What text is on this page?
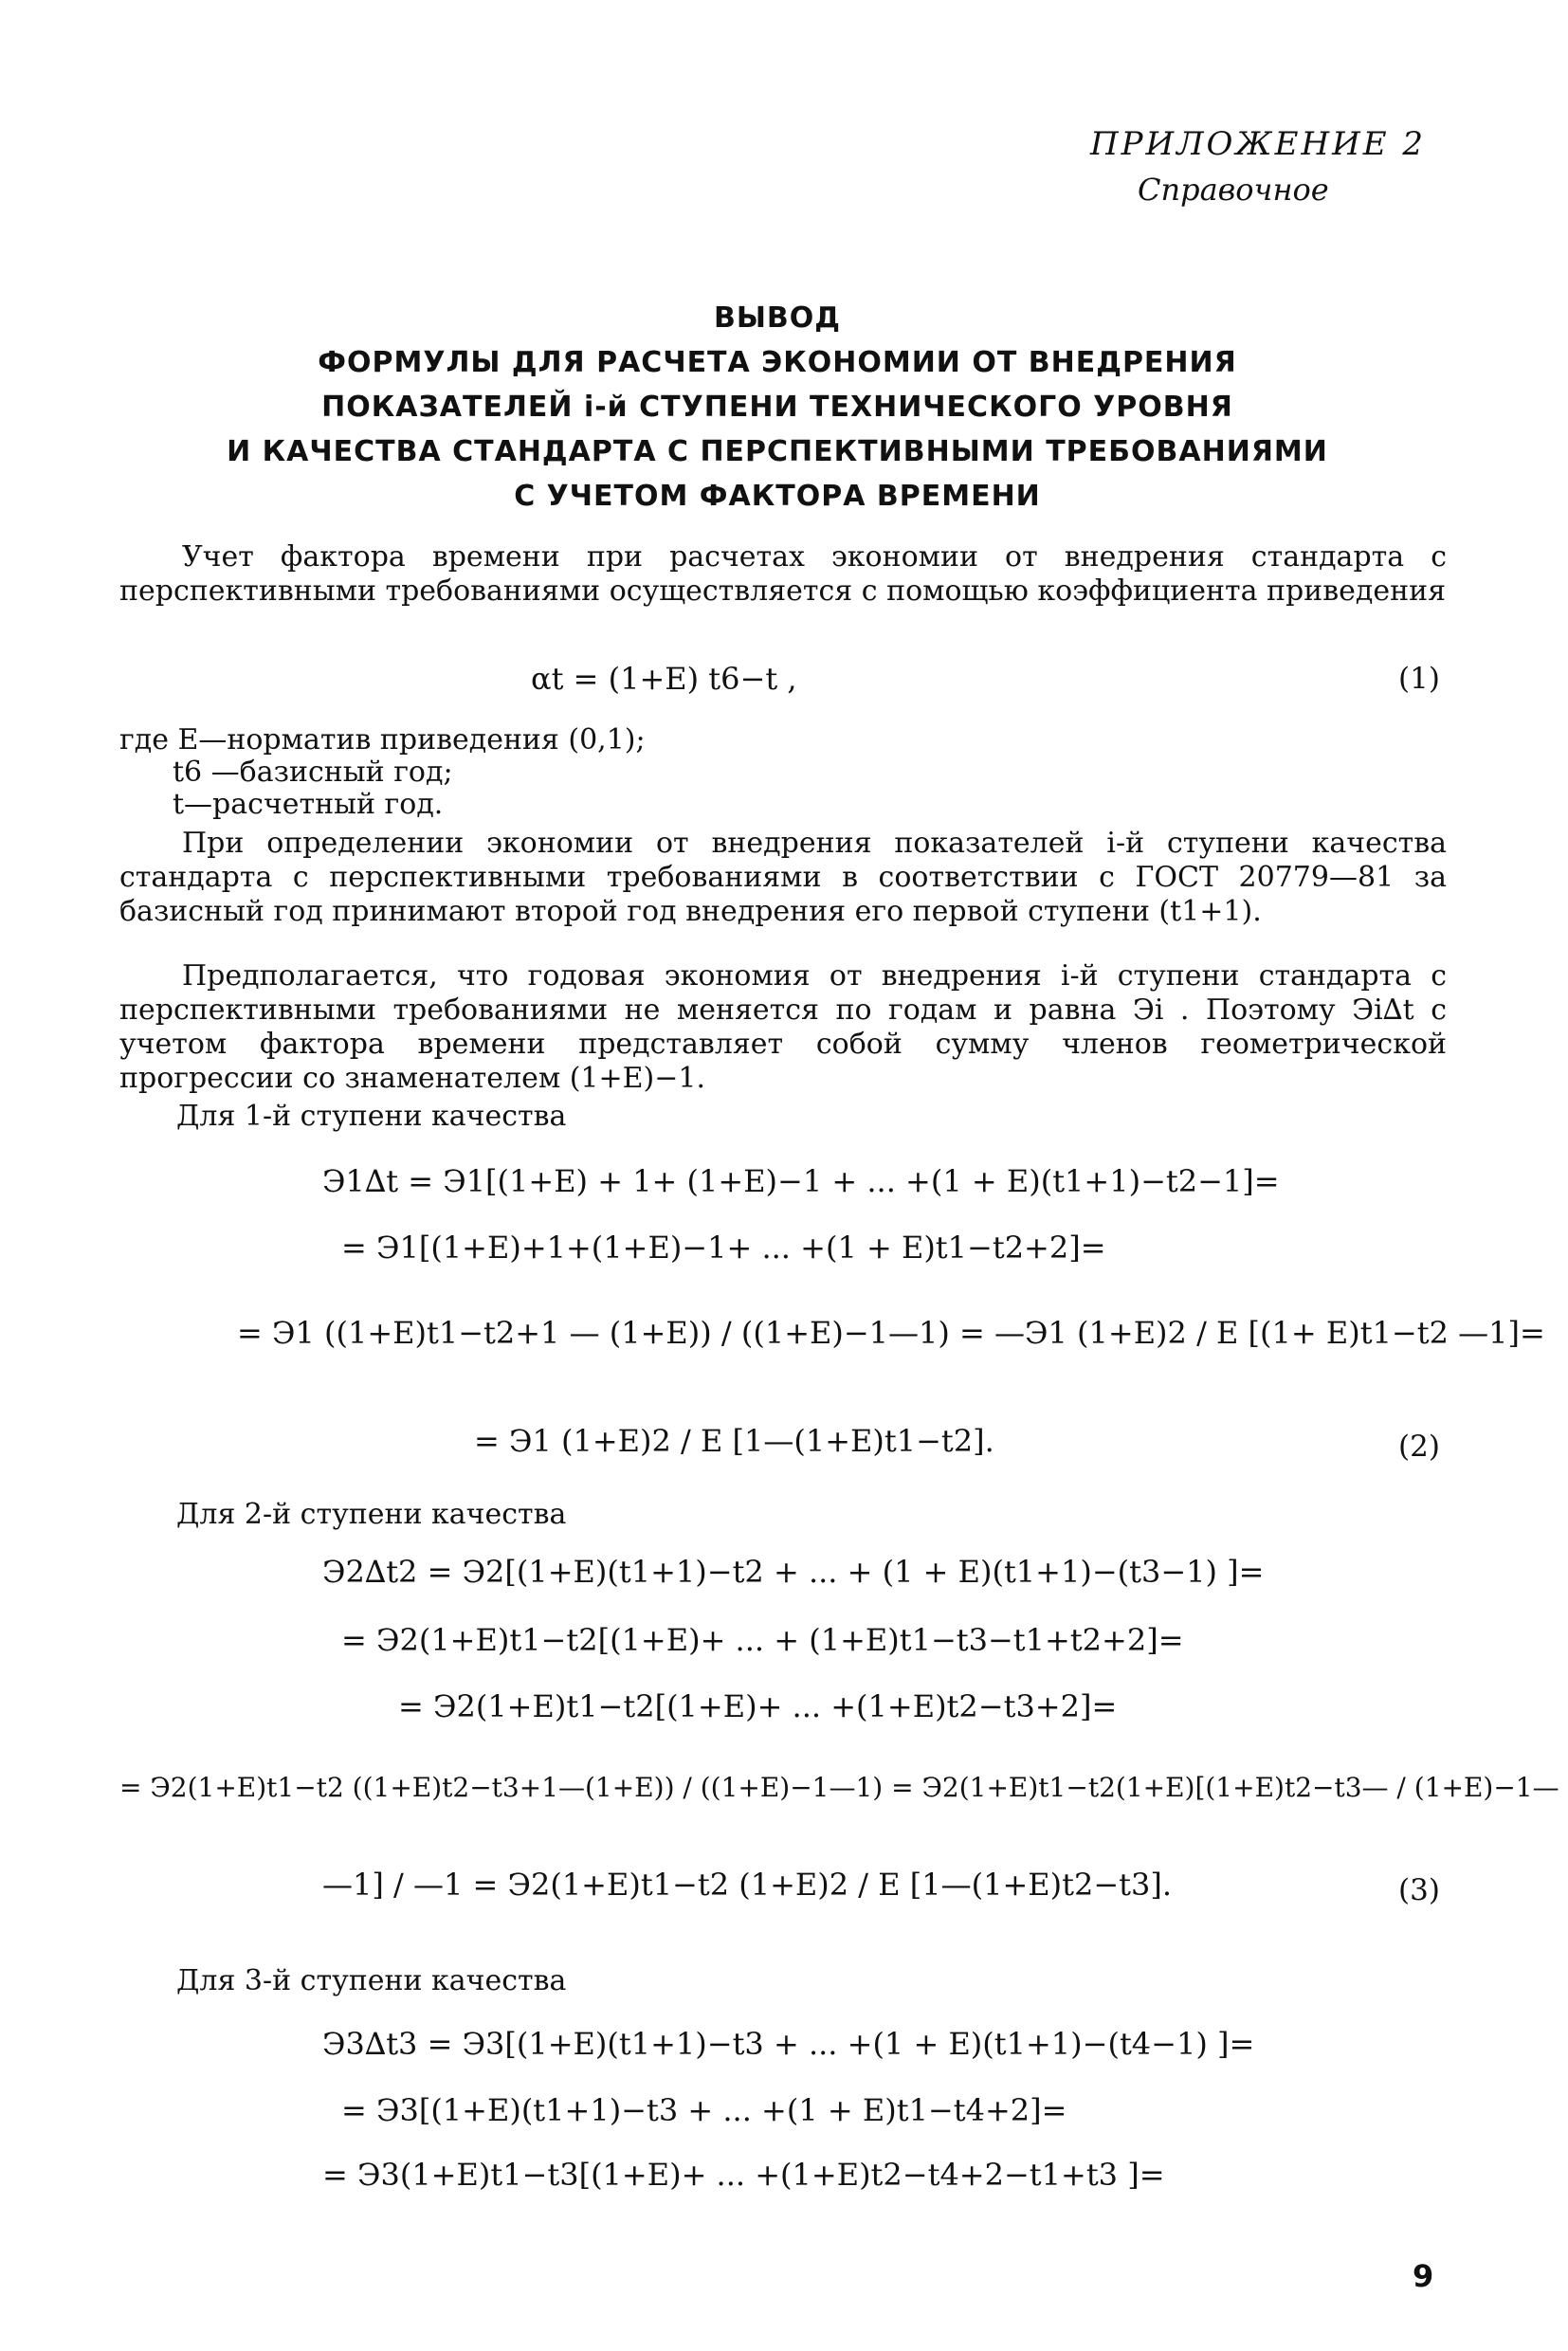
ПРИЛОЖЕНИЕ 2
Справочное
ВЫВОД
ФОРМУЛЫ ДЛЯ РАСЧЕТА ЭКОНОМИИ ОТ ВНЕДРЕНИЯ
ПОКАЗАТЕЛЕЙ i-й СТУПЕНИ ТЕХНИЧЕСКОГО УРОВНЯ
И КАЧЕСТВА СТАНДАРТА С ПЕРСПЕКТИВНЫМИ ТРЕБОВАНИЯМИ
С УЧЕТОМ ФАКТОРА ВРЕМЕНИ
Учет фактора времени при расчетах экономии от внедрения стандарта с перспективными требованиями осуществляется с помощью коэффициента приведения
αt = (1+E) t6−t ,	(1)
где E—норматив приведения (0,1);
t6 —базисный год;
t—расчетный год.
При определении экономии от внедрения показателей i-й ступени качества стандарта с перспективными требованиями в соответствии с ГОСТ 20779—81 за базисный год принимают второй год внедрения его первой ступени (t1+1).
Предполагается, что годовая экономия от внедрения i-й ступени стандарта с перспективными требованиями не меняется по годам и равна Эi . Поэтому Эi∆t с учетом фактора времени представляет собой сумму членов геометрической прогрессии со знаменателем (1+E)−1.
Для 1-й ступени качества
Э1∆t = Э1[(1+E) + 1+ (1+E)−1 + ... +(1 + E)(t1+1)−t2−1]=
= Э1[(1+E)+1+(1+E)−1+ ... +(1 + E)t1−t2+2]=
= Э1 ((1+E)t1−t2+1 — (1+E)) / ((1+E)−1—1) = —Э1 (1+E)2 / E [(1+ E)t1−t2 —1]=
= Э1 (1+E)2 / E [1—(1+E)t1−t2].	(2)
Для 2-й ступени качества
Э2∆t2 = Э2[(1+E)(t1+1)−t2 + ... + (1 + E)(t1+1)−(t3−1) ]=
= Э2(1+E)t1−t2[(1+E)+ ... + (1+E)t1−t3−t1+t2+2]=
= Э2(1+E)t1−t2[(1+E)+ ... +(1+E)t2−t3+2]=
= Э2(1+E)t1−t2 ((1+E)t2−t3+1—(1+E)) / ((1+E)−1—1) = Э2(1+E)t1−t2(1+E)[(1+E)t2−t3— / (1+E)−1—
—1] / —1 = Э2(1+E)t1−t2 (1+E)2 / E [1—(1+E)t2−t3].	(3)
Для 3-й ступени качества
Э3∆t3 = Э3[(1+E)(t1+1)−t3 + ... +(1 + E)(t1+1)−(t4−1) ]=
= Э3[(1+E)(t1+1)−t3 + ... +(1 + E)t1−t4+2]=
= Э3(1+E)t1−t3[(1+E)+ ... +(1+E)t2−t4+2−t1+t3 ]=
9
